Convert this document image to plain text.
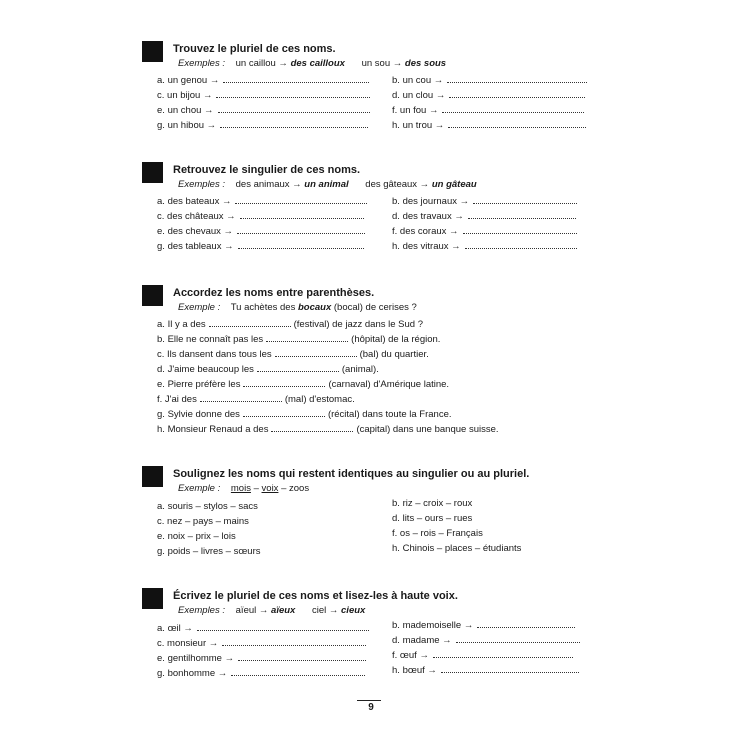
Trouvez le pluriel de ces noms.
Exemples : un caillou → des cailloux un sou → des sous
a. un genou →	b. un cou →
c. un bijou →	d. un clou →
e. un chou →	f. un fou →
g. un hibou →	h. un trou →
Retrouvez le singulier de ces noms.
Exemples : des animaux → un animal des gâteaux → un gâteau
a. des bateaux →	b. des journaux →
c. des châteaux →	d. des travaux →
e. des chevaux →	f. des coraux →
g. des tableaux →	h. des vitraux →
Accordez les noms entre parenthèses.
Exemple : Tu achètes des bocaux (bocal) de cerises ?
a. Il y a des	(festival) de jazz dans le Sud ?
b. Elle ne connaît pas les	(hôpital) de la région.
c. Ils dansent dans tous les	(bal) du quartier.
d. J'aime beaucoup les	(animal).
e. Pierre préfère les	(carnaval) d'Amérique latine.
f. J'ai des	(mal) d'estomac.
g. Sylvie donne des	(récital) dans toute la France.
h. Monsieur Renaud a des	(capital) dans une banque suisse.
Soulignez les noms qui restent identiques au singulier ou au pluriel.
Exemple : mois – voix – zoos
a. souris – stylos – sacs	b. riz – croix – roux
c. nez – pays – mains	d. lits – ours – rues
e. noix – prix – lois	f. os – rois – Français
g. poids – livres – sœurs	h. Chinois – places – étudiants
Écrivez le pluriel de ces noms et lisez-les à haute voix.
Exemples : aïeul → aïeux ciel → cieux
a. œil →	b. mademoiselle →
c. monsieur →	d. madame →
e. gentilhomme →	f. œuf →
g. bonhomme →	h. bœuf →
9
